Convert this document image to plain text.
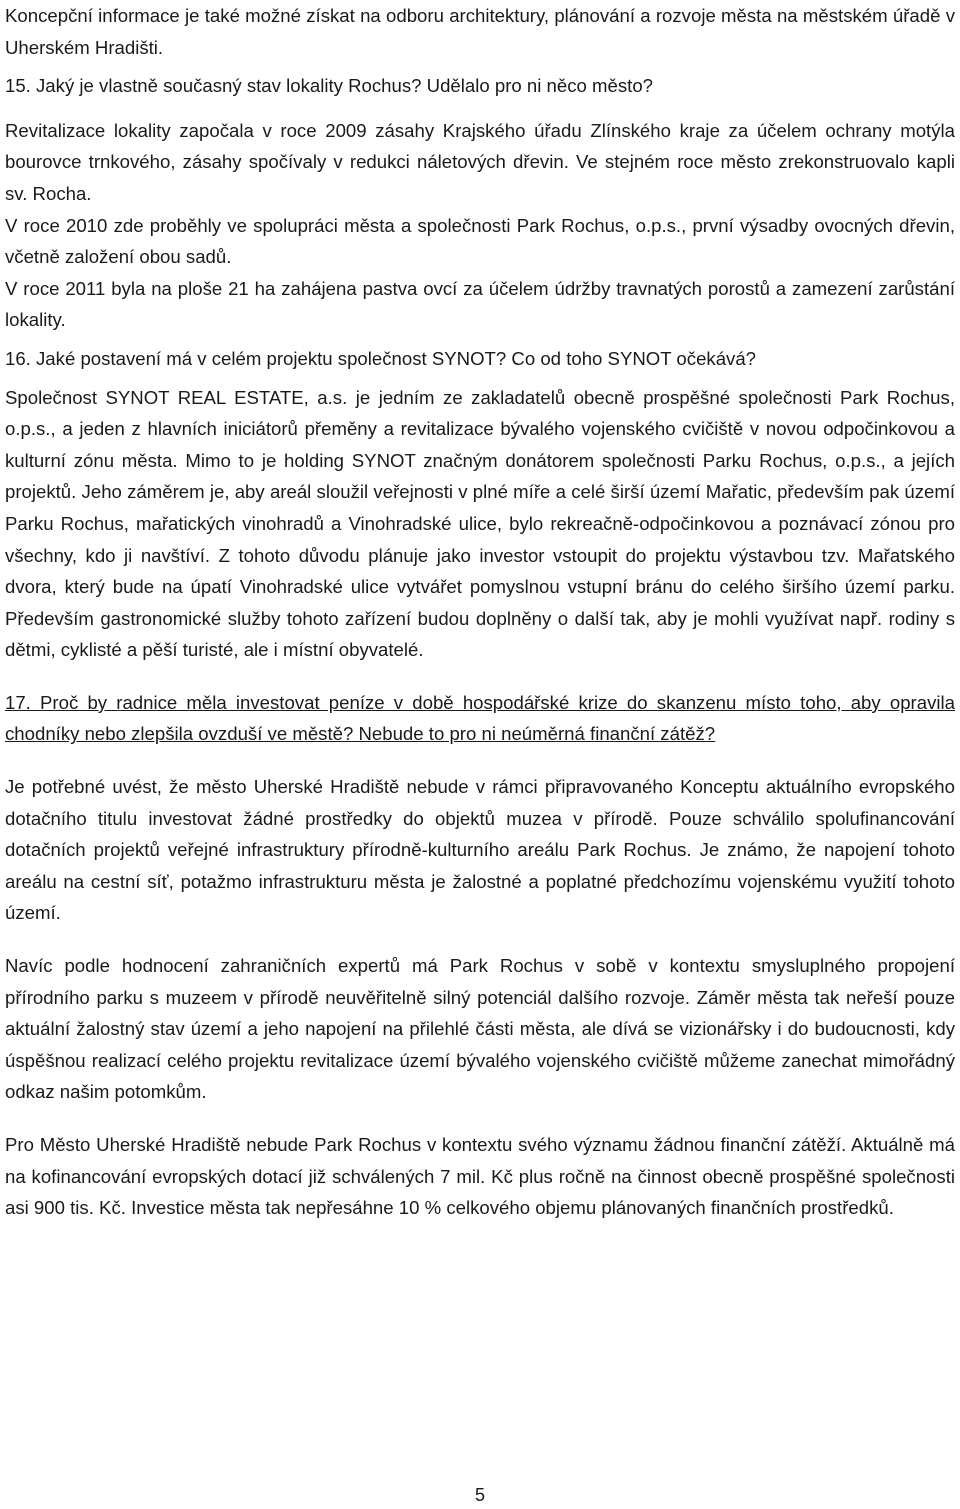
Koncepční informace je také možné získat na odboru architektury, plánování a rozvoje města na městském úřadě v Uherském Hradišti.

15. Jaký je vlastně současný stav lokality Rochus? Udělalo pro ni něco město?

Revitalizace lokality započala v roce 2009 zásahy Krajského úřadu Zlínského kraje za účelem ochrany motýla bourovce trnkového, zásahy spočívaly v redukci náletových dřevin. Ve stejném roce město zrekonstruovalo kapli sv. Rocha.

V roce 2010 zde proběhly ve spolupráci města a společnosti Park Rochus, o.p.s., první výsadby ovocných dřevin, včetně založení obou sadů.

V roce 2011 byla na ploše 21 ha zahájena pastva ovcí za účelem údržby travnatých porostů a zamezení zarůstání lokality.

16. Jaké postavení má v celém projektu společnost SYNOT? Co od toho SYNOT očekává?

Společnost SYNOT REAL ESTATE, a.s. je jedním ze zakladatelů obecně prospěšné společnosti Park Rochus, o.p.s., a jeden z hlavních iniciátorů přeměny a revitalizace bývalého vojenského cvičiště v novou odpočinkovou a kulturní zónu města. Mimo to je holding SYNOT značným donátorem společnosti Parku Rochus, o.p.s., a jejích projektů. Jeho záměrem je, aby areál sloužil veřejnosti v plné míře a celé širší území Mařatic, především pak území Parku Rochus, mařatických vinohradů a Vinohradské ulice, bylo rekreačně-odpočinkovou a poznávací zónou pro všechny, kdo ji navštíví. Z tohoto důvodu plánuje jako investor vstoupit do projektu výstavbou tzv. Mařatského dvora, který bude na úpatí Vinohradské ulice vytvářet pomyslnou vstupní bránu do celého širšího území parku. Především gastronomické služby tohoto zařízení budou doplněny o další tak, aby je mohli využívat např. rodiny s dětmi, cyklisté a pěší turisté, ale i místní obyvatelé.

17. Proč by radnice měla investovat peníze v době hospodářské krize do skanzenu místo toho, aby opravila chodníky nebo zlepšila ovzduší ve městě? Nebude to pro ni neúměrná finanční zátěž?

Je potřebné uvést, že město Uherské Hradiště nebude v rámci připravovaného Konceptu aktuálního evropského dotačního titulu investovat žádné prostředky do objektů muzea v přírodě. Pouze schválilo spolufinancování dotačních projektů veřejné infrastruktury přírodně-kulturního areálu Park Rochus. Je známo, že napojení tohoto areálu na cestní síť, potažmo infrastrukturu města je žalostné a poplatné předchozímu vojenskému využití tohoto území.

Navíc podle hodnocení zahraničních expertů má Park Rochus v sobě v kontextu smysluplného propojení přírodního parku s muzeem v přírodě neuvěřitelně silný potenciál dalšího rozvoje. Záměr města tak neřeší pouze aktuální žalostný stav území a jeho napojení na přilehlé části města, ale dívá se vizionářsky i do budoucnosti, kdy úspěšnou realizací celého projektu revitalizace území bývalého vojenského cvičiště můžeme zanechat mimořádný odkaz našim potomkům.

Pro Město Uherské Hradiště nebude Park Rochus v kontextu svého významu žádnou finanční zátěží. Aktuálně má na kofinancování evropských dotací již schválených 7 mil. Kč plus ročně na činnost obecně prospěšné společnosti asi 900 tis. Kč. Investice města tak nepřesáhne 10 % celkového objemu plánovaných finančních prostředků.

5
